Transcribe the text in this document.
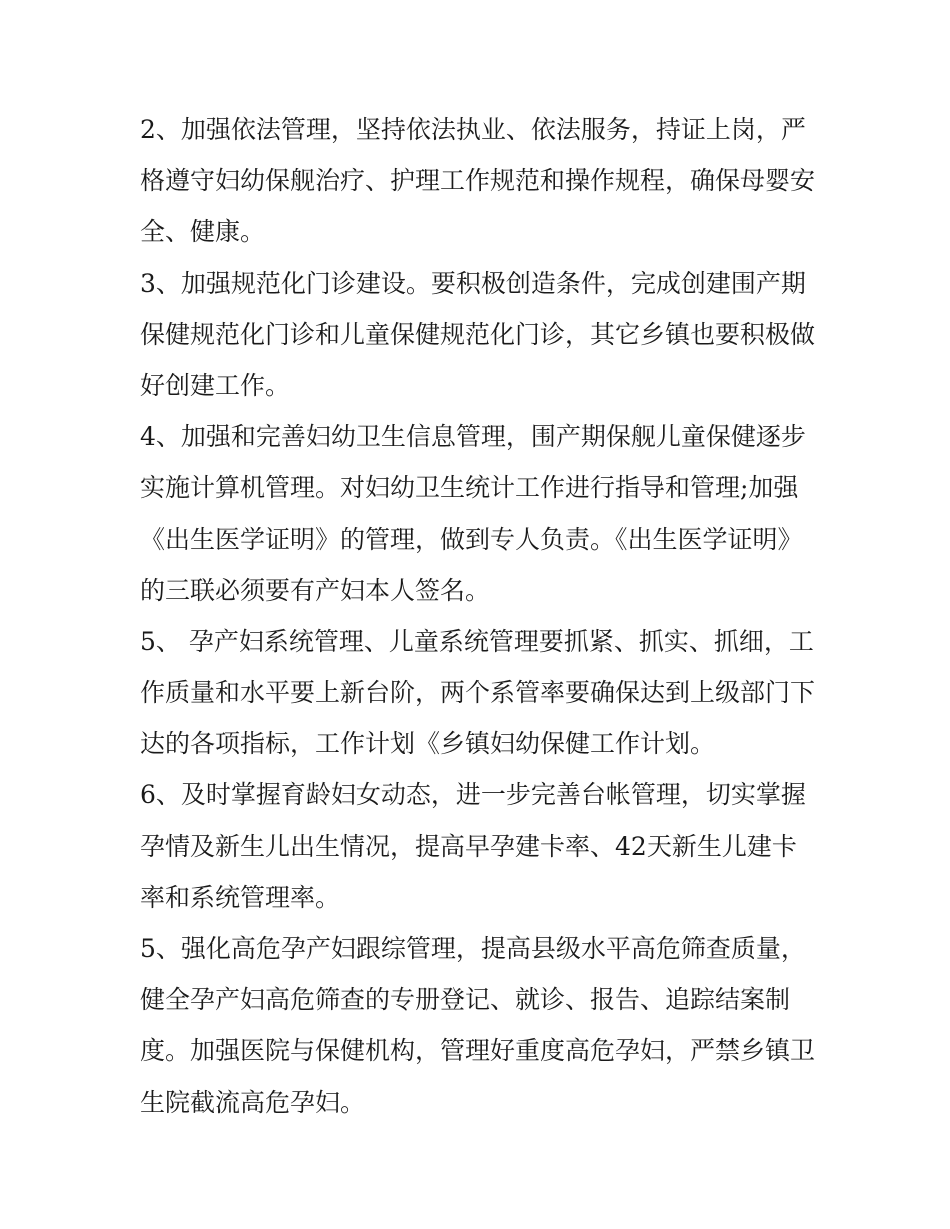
2、加强依法管理，坚持依法执业、依法服务，持证上岗，严
格遵守妇幼保舰治疗、护理工作规范和操作规程，确保母婴安
全、健康。
3、加强规范化门诊建设。要积极创造条件，完成创建围产期
保健规范化门诊和儿童保健规范化门诊，其它乡镇也要积极做
好创建工作。
4、加强和完善妇幼卫生信息管理，围产期保舰儿童保健逐步
实施计算机管理。对妇幼卫生统计工作进行指导和管理;加强
《出生医学证明》的管理，做到专人负责。《出生医学证明》
的三联必须要有产妇本人签名。
5、 孕产妇系统管理、儿童系统管理要抓紧、抓实、抓细，工
作质量和水平要上新台阶，两个系管率要确保达到上级部门下
达的各项指标，工作计划《乡镇妇幼保健工作计划。
6、及时掌握育龄妇女动态，进一步完善台帐管理，切实掌握
孕情及新生儿出生情况，提高早孕建卡率、42天新生儿建卡
率和系统管理率。
5、强化高危孕产妇跟综管理，提高县级水平高危筛查质量，
健全孕产妇高危筛查的专册登记、就诊、报告、追踪结案制
度。加强医院与保健机构，管理好重度高危孕妇，严禁乡镇卫
生院截流高危孕妇。
